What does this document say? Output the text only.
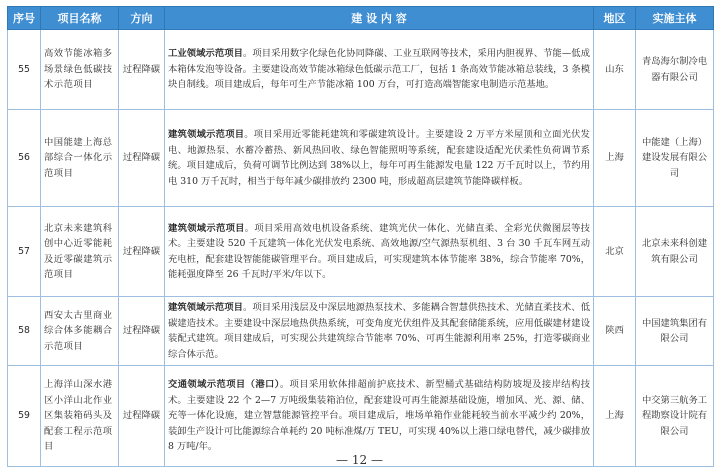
序号	项目名称	方向	建 设 内 容	地区	实施主体
55	高效节能冰箱多场景绿色低碳技术示范项目	过程降碳	工业领域示范项目。项目采用数字化绿色化协同降碳、工业互联网等技术，采用内胆视界、节能—低成本箱体发泡等设备。主要建设高效节能冰箱绿色低碳示范工厂，包括 1 条高效节能冰箱总装线，3 条模块自制线。项目建成后，每年可生产节能冰箱 100 万台，可打造高端智能家电制造示范基地。	山东	青岛海尔制冷电器有限公司
56	中国能建上海总部综合一体化示范项目	过程降碳	建筑领域示范项目。项目采用近零能耗建筑和零碳建筑设计。主要建设 2 万平方米屋顶和立面光伏发电、地源热泵、水蓄冷蓄热、新风热回收、绿色智能照明等系统，配套建设适配光伏柔性负荷调节系统。项目建成后，负荷可调节比例达到 38%以上，每年可再生能源发电量 122 万千瓦时以上，节约用电 310 万千瓦时，相当于每年减少碳排放约 2300 吨，形成超高层建筑节能降碳样板。	上海	中能建（上海）建设发展有限公司
57	北京未来建筑科创中心近零能耗及近零碳建筑示范项目	过程降碳	建筑领域示范项目。项目采用高效电机设备系统、建筑光伏一体化、光储直柔、全彩光伏微图层等技术。主要建设 520 千瓦建筑一体化光伏发电系统、高效地源/空气源热泵机组、3 台 30 千瓦车网互动充电桩，配套建设智能能碳管理平台。项目建成后，可实现建筑本体节能率 38%，综合节能率 70%，能耗强度降至 26 千瓦时/平米/年以下。	北京	北京未来科创建筑有限公司
58	西安太古里商业综合体多能耦合示范项目	过程降碳	建筑领域示范项目。项目采用浅层及中深层地源热泵技术、多能耦合智慧供热技术、光储直柔技术、低碳建造技术。主要建设中深层地热供热系统，可变角度光伏组件及其配套储能系统，应用低碳建材建设装配式建筑。项目建成后，可实现公共建筑综合节能率 70%、可再生能源利用率 25%，打造零碳商业综合体示范。	陕西	中国建筑集团有限公司
59	上海洋山深水港区小洋山北作业区集装箱码头及配套工程示范项目	过程降碳	交通领域示范项目（港口）。项目采用软体排超前护底技术、新型桶式基础结构防坡堤及接岸结构技术。主要建设 22 个 2—7 万吨级集装箱泊位，配套建设可再生能源基础设施，增加风、光、源、储、充等一体化设施，建立智慧能源管控平台。项目建成后，堆场单箱作业能耗较当前水平减少约 20%，装卸生产设计可比能源综合单耗约 20 吨标准煤/万 TEU，可实现 40%以上港口绿电替代，减少碳排放 8 万吨/年。	上海	中交第三航务工程勘察设计院有限公司
— 12 —
